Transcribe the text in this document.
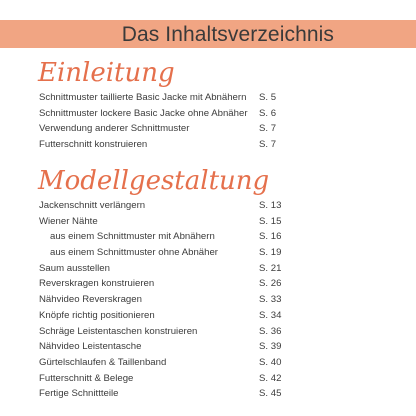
Das Inhaltsverzeichnis
Einleitung
Schnittmuster taillierte Basic Jacke mit Abnähern S. 5
Schnittmuster lockere Basic Jacke ohne Abnäher S. 6
Verwendung anderer Schnittmuster	S. 7
Futterschnitt konstruieren	S. 7
Modellgestaltung
Jackenschnitt verlängern	S. 13
Wiener Nähte	S. 15
aus einem Schnittmuster mit Abnähern	S. 16
aus einem Schnittmuster ohne Abnäher	S. 19
Saum ausstellen	S. 21
Reverskragen konstruieren	S. 26
Nähvideo Reverskragen	S. 33
Knöpfe richtig positionieren	S. 34
Schräge Leistentaschen konstruieren	S. 36
Nähvideo Leistentasche	S. 39
Gürtelschlaufen & Taillenband	S. 40
Futterschnitt & Belege	S. 42
Fertige Schnittteile	S. 45
